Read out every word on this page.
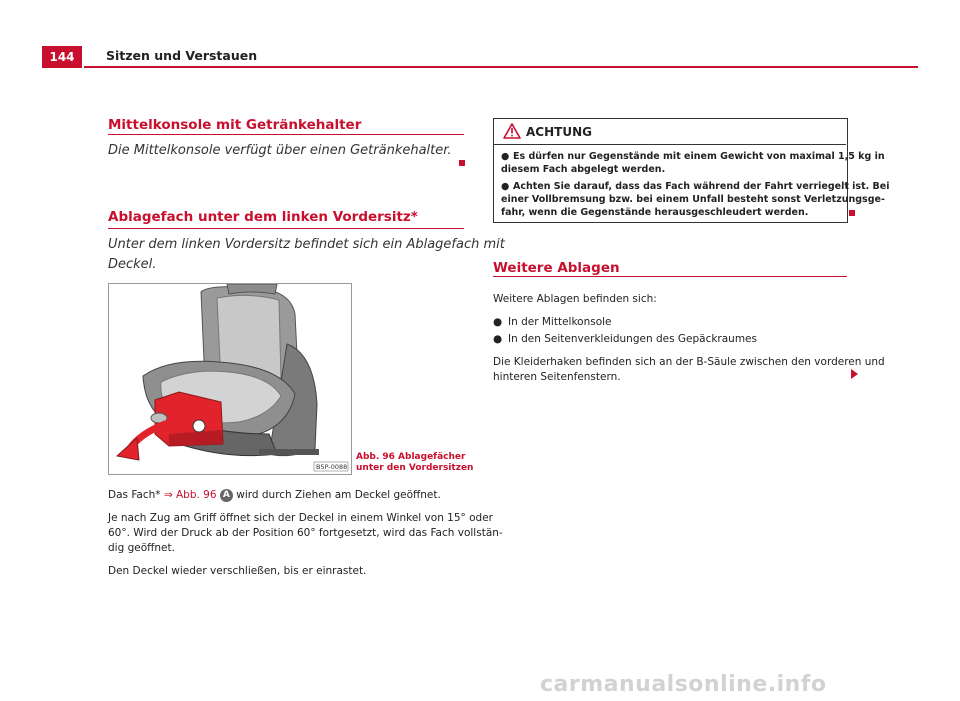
144	Sitzen und Verstauen
Mittelkonsole mit Getränkehalter
Die Mittelkonsole verfügt über einen Getränkehalter.
Ablagefach unter dem linken Vordersitz*
Unter dem linken Vordersitz befindet sich ein Ablagefach mit
Deckel.
B5P-0088
Abb. 96 Ablagefächer
unter den Vordersitzen
Das Fach* ⇒ Abb. 96 A wird durch Ziehen am Deckel geöffnet.
Je nach Zug am Griff öffnet sich der Deckel in einem Winkel von 15° oder
60°. Wird der Druck ab der Position 60° fortgesetzt, wird das Fach vollstän-
dig geöffnet.
Den Deckel wieder verschließen, bis er einrastet.
ACHTUNG
● Es dürfen nur Gegenstände mit einem Gewicht von maximal 1,5 kg in
diesem Fach abgelegt werden.
● Achten Sie darauf, dass das Fach während der Fahrt verriegelt ist. Bei
einer Vollbremsung bzw. bei einem Unfall besteht sonst Verletzungsge-
fahr, wenn die Gegenstände herausgeschleudert werden.
Weitere Ablagen
Weitere Ablagen befinden sich:
● In der Mittelkonsole
● In den Seitenverkleidungen des Gepäckraumes
Die Kleiderhaken befinden sich an der B-Säule zwischen den vorderen und
hinteren Seitenfenstern.
carmanualsonline.info
